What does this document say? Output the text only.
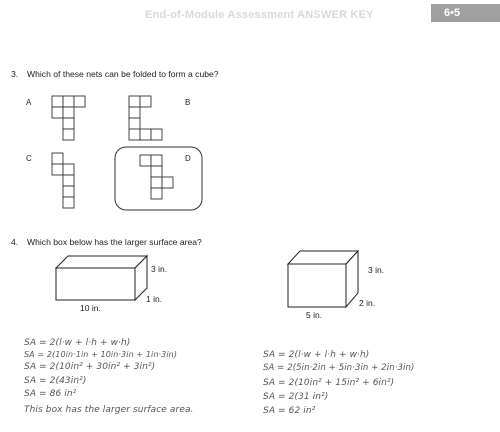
End-of-Module Assessment ANSWER KEY	6•5
3. Which of these nets can be folded to form a cube?
A	B
C	D
4. Which box below has the larger surface area?
3 in.
1 in.
10 in.
3 in.
2 in.
5 in.
SA = 2(l·w + l·h + w·h)
SA = 2(10in·1in + 10in·3in + 1in·3in)
SA = 2(10in² + 30in² + 3in²)
SA = 2(43in²)
SA = 86 in²
This box has the larger surface area.
SA = 2(l·w + l·h + w·h)
SA = 2(5in·2in + 5in·3in + 2in·3in)
SA = 2(10in² + 15in² + 6in²)
SA = 2(31 in²)
SA = 62 in²
